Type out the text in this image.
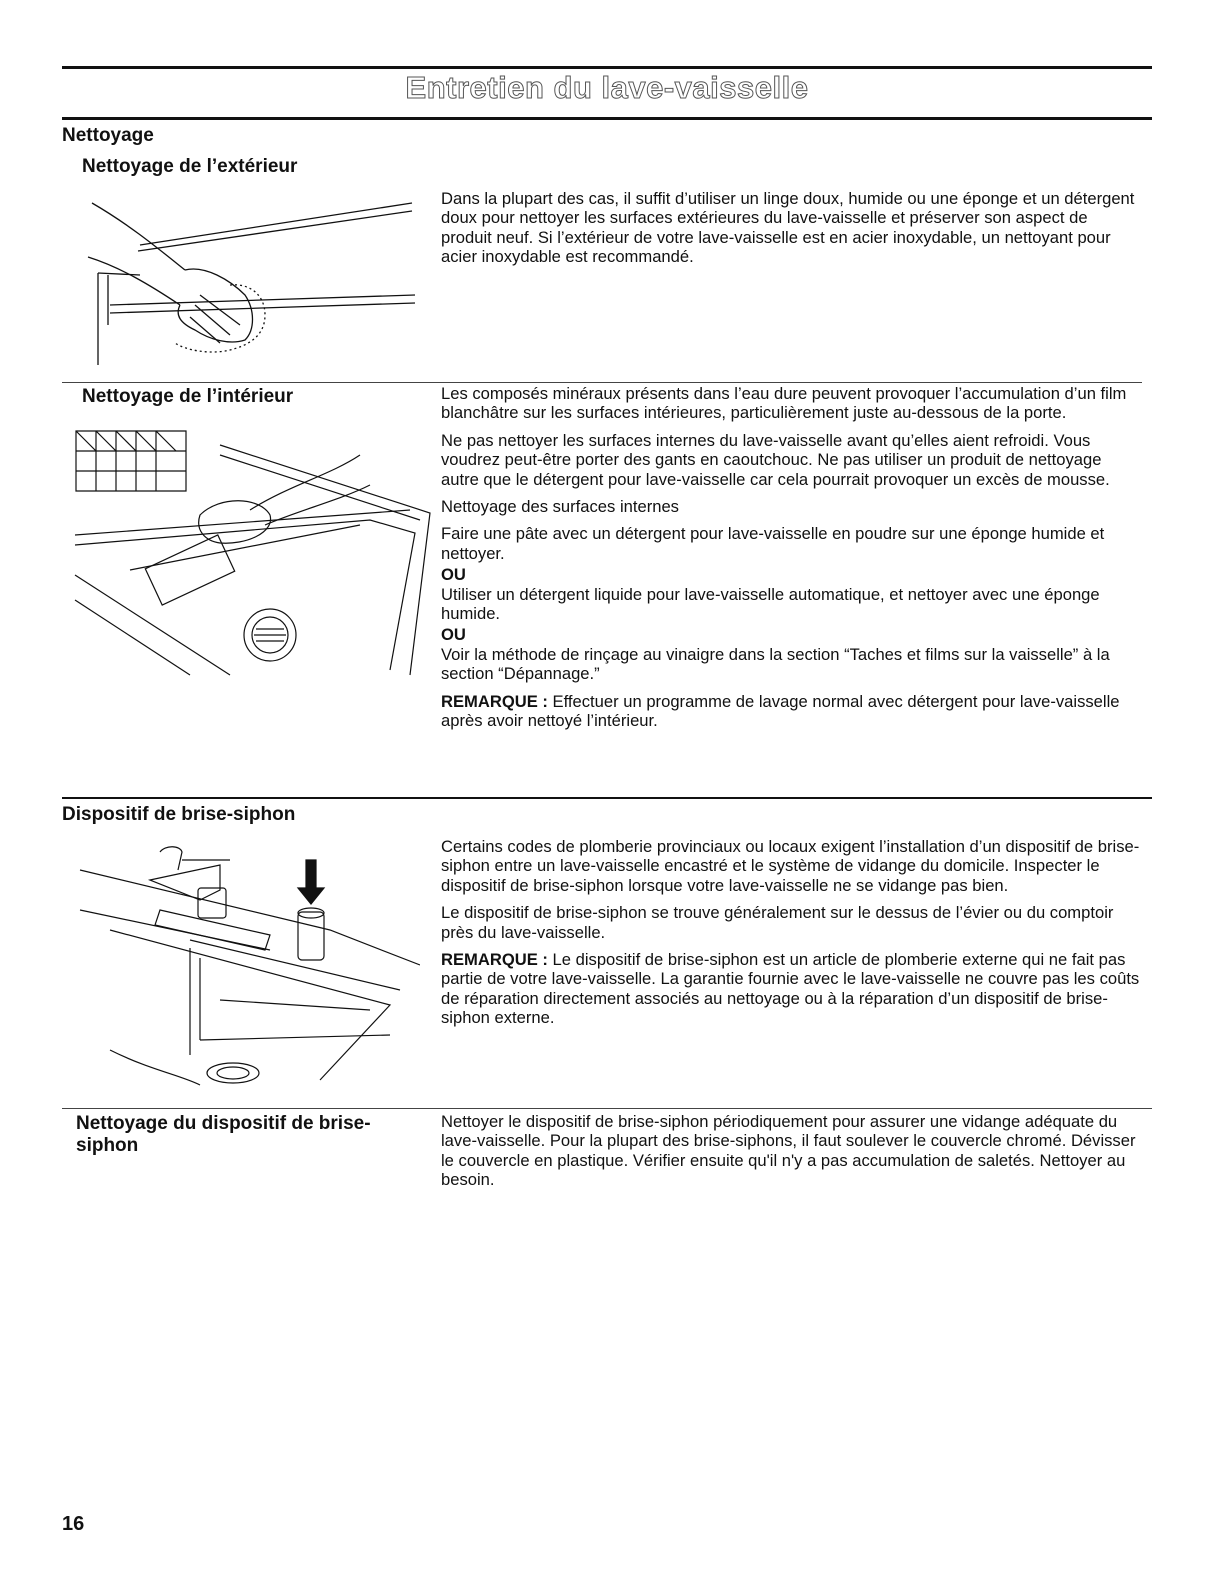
Entretien du lave-vaisselle
Nettoyage
Nettoyage de l’extérieur
Nettoyage de l’intérieur
Dispositif de brise-siphon
Nettoyage du dispositif de brise-siphon

Dans la plupart des cas, il suffit d’utiliser un linge doux, humide ou une éponge et un détergent doux pour nettoyer les surfaces extérieures du lave-vaisselle et préserver son aspect de produit neuf. Si l’extérieur de votre lave-vaisselle est en acier inoxydable, un nettoyant pour acier inoxydable est recommandé.

Les composés minéraux présents dans l’eau dure peuvent provoquer l’accumulation d’un film blanchâtre sur les surfaces intérieures, particulièrement juste au-dessous de la porte.

Ne pas nettoyer les surfaces internes du lave-vaisselle avant qu’elles aient refroidi. Vous voudrez peut-être porter des gants en caoutchouc. Ne pas utiliser un produit de nettoyage autre que le détergent pour lave-vaisselle car cela pourrait provoquer un excès de mousse.

Nettoyage des surfaces internes

Faire une pâte avec un détergent pour lave-vaisselle en poudre sur une éponge humide et nettoyer.

OU

Utiliser un détergent liquide pour lave-vaisselle automatique, et nettoyer avec une éponge humide.

OU

Voir la méthode de rinçage au vinaigre dans la section “Taches et films sur la vaisselle” à la section “Dépannage.”

REMARQUE : Effectuer un programme de lavage normal avec détergent pour lave-vaisselle après avoir nettoyé l’intérieur.

Certains codes de plomberie provinciaux ou locaux exigent l’installation d’un dispositif de brise-siphon entre un lave-vaisselle encastré et le système de vidange du domicile. Inspecter le dispositif de brise-siphon lorsque votre lave-vaisselle ne se vidange pas bien.

Le dispositif de brise-siphon se trouve généralement sur le dessus de l’évier ou du comptoir près du lave-vaisselle.

REMARQUE : Le dispositif de brise-siphon est un article de plomberie externe qui ne fait pas partie de votre lave-vaisselle. La garantie fournie avec le lave-vaisselle ne couvre pas les coûts de réparation directement associés au nettoyage ou à la réparation d’un dispositif de brise-siphon externe.

Nettoyer le dispositif de brise-siphon périodiquement pour assurer une vidange adéquate du lave-vaisselle. Pour la plupart des brise-siphons, il faut soulever le couvercle chromé. Dévisser le couvercle en plastique. Vérifier ensuite qu'il n'y a pas accumulation de saletés. Nettoyer au besoin.

16
